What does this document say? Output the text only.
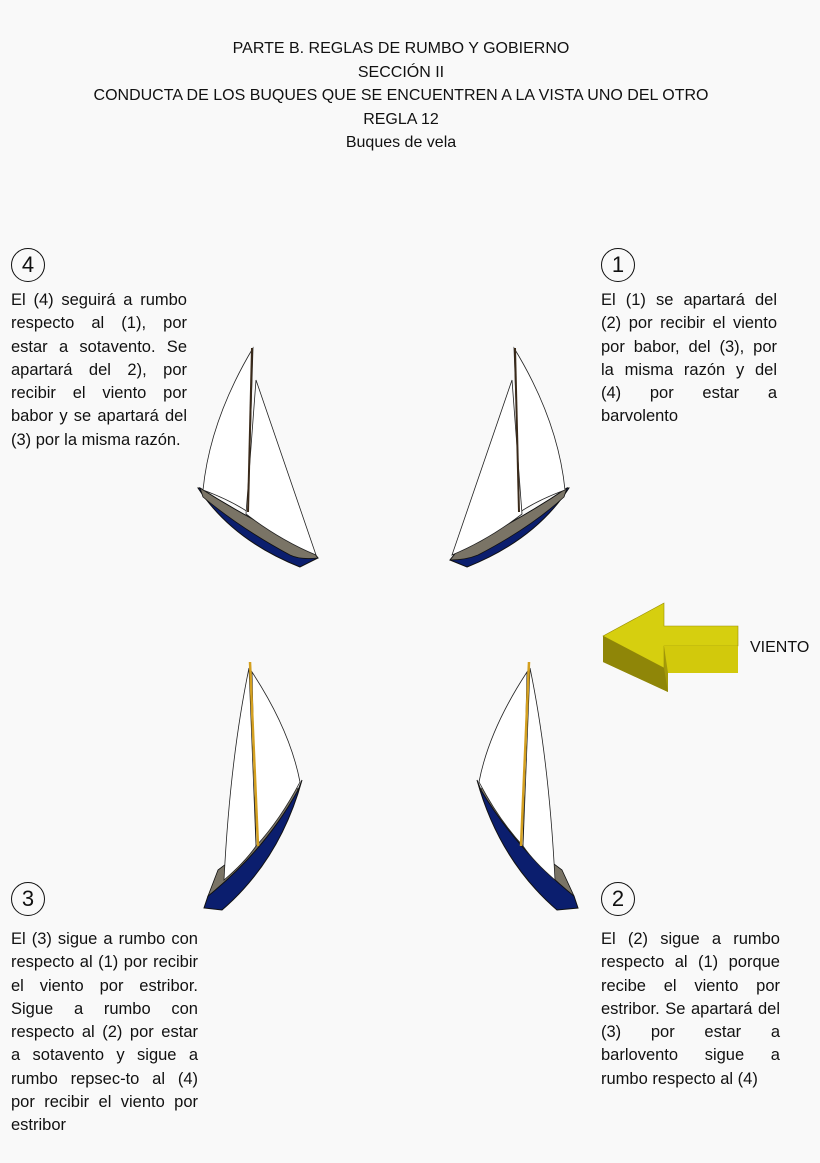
PARTE B. REGLAS DE RUMBO Y GOBIERNO
SECCIÓN II
CONDUCTA DE LOS BUQUES QUE SE ENCUENTREN A LA VISTA UNO DEL OTRO
REGLA 12
Buques de vela
VIENTO
4
El (4) seguirá a rumbo respecto al (1), por estar a sotavento. Se apartará del 2), por recibir el viento por babor y se apartará del (3) por la misma razón.
1
El (1) se apartará del (2) por recibir el viento por babor, del (3), por la misma razón y del (4) por estar a barvolento
3
El (3) sigue a rumbo con respecto al (1) por recibir el viento por estribor. Sigue a rumbo con respecto al (2) por estar a sotavento y sigue a rumbo repsec-to al (4) por recibir el viento por estribor
2
El (2) sigue a rumbo respecto al (1) porque recibe el viento por estribor. Se apartará del (3) por estar a barlovento sigue a rumbo respecto al (4)
